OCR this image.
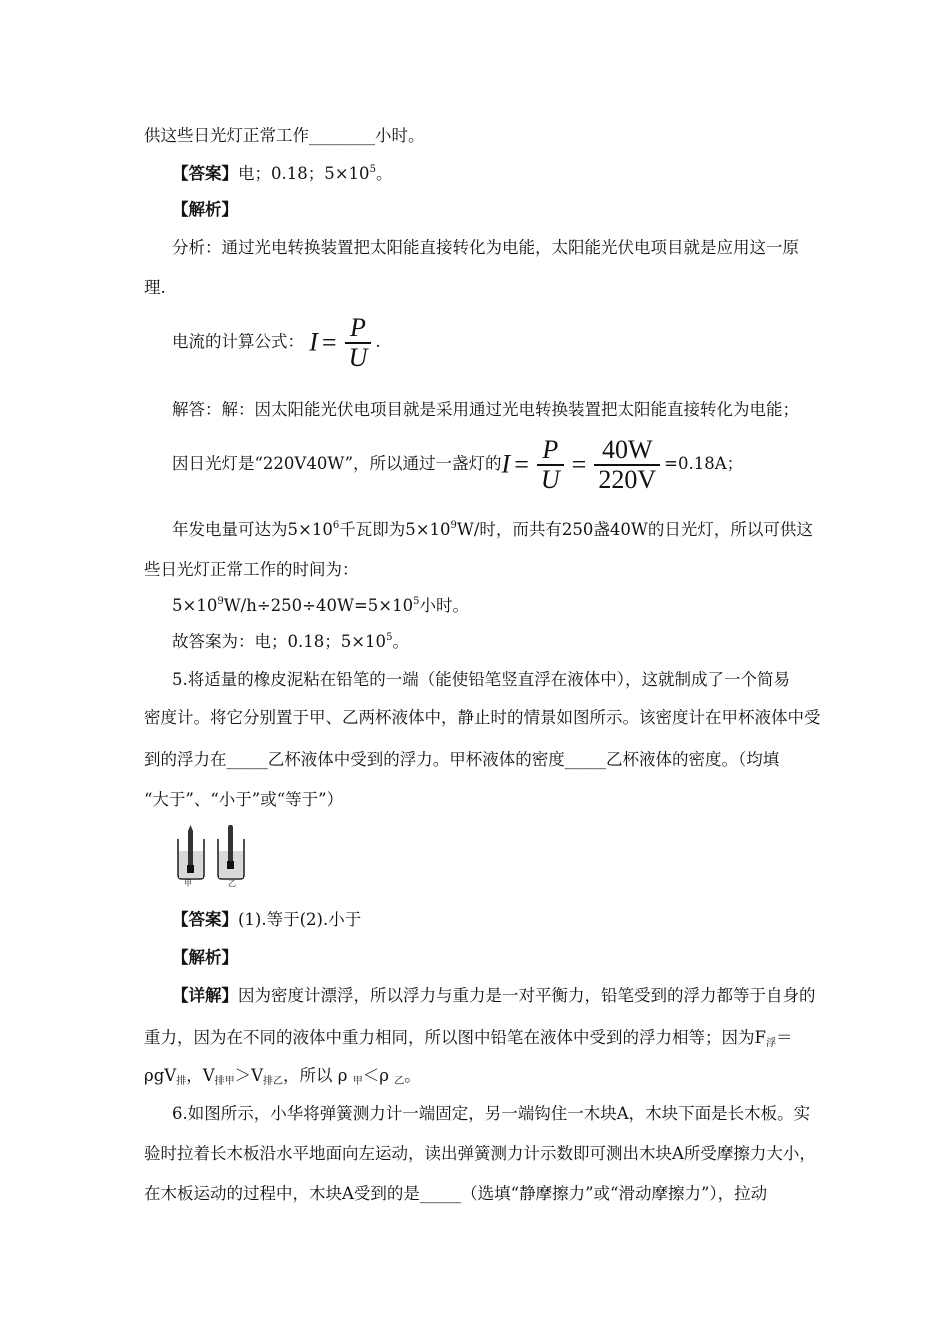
供这些日光灯正常工作________小时。
【答案】电；0.18；$5\times 10^5$。
【解析】
分析：通过光电转换装置把太阳能直接转化为电能，太阳能光伏电项目就是应用这一原
理.
电流的计算公式： $I = \frac{P}{U}$ .
解答：解：因太阳能光伏电项目就是采用通过光电转换装置把太阳能直接转化为电能；
因日光灯是“220V40W”，所以通过一盏灯的$I = \frac{P}{U} = \frac{40W}{220V} =0.18A$；
年发电量可达为$5\times 10^6$千瓦即为$5\times 10^9W/$时，而共有250盏40W的日光灯，所以可供这
些日光灯正常工作的时间为：
$5\times 10^9W/h\div 250\div 40W=5\times 10^5$小时。
故答案为：电；0.18；$5\times 10^5$。
5.将适量的橡皮泥粘在铅笔的一端（能使铅笔竖直浮在液体中），这就制成了一个简易
密度计。将它分别置于甲、乙两杯液体中，静止时的情景如图所示。该密度计在甲杯液体中受
到的浮力在_____乙杯液体中受到的浮力。甲杯液体的密度_____乙杯液体的密度。（均填
“大于”、“小于”或“等于”）
甲	乙
【答案】(1).等于(2).小于
【解析】
【详解】因为密度计漂浮，所以浮力与重力是一对平衡力，铅笔受到的浮力都等于自身的
重力，因为在不同的液体中重力相同，所以图中铅笔在液体中受到的浮力相等；因为$F_浮=$
ρgV$_排$，$V_{排甲}>V_{排乙}$，所以 ρ $_甲$＜ρ $_乙$。
6.如图所示，小华将弹簧测力计一端固定，另一端钩住一木块A，木块下面是长木板。实
验时拉着长木板沿水平地面向左运动，读出弹簧测力计示数即可测出木块A所受摩擦力大小，
在木板运动的过程中，木块A受到的是_____（选填“静摩擦力”或“滑动摩擦力”），拉动
